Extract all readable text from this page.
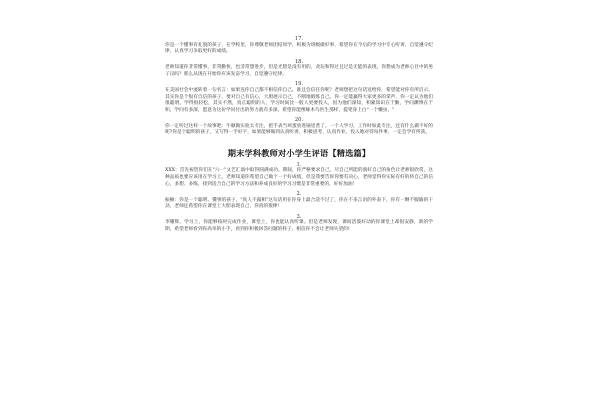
17.
你是一个懂事有礼貌的孩子，在学校里，你尊敬老师团结同学，积极为班级做好事，希望你在今后的学习中专心听讲，自觉遵守纪律，认真学习争取更好的成绩。
18.
老师知道你非常懂事，非常勤快，也非常想进步，但是光想是没有用的，贪玩和得过且过是无能的表现，你想成为老师心目中的男子汉吗？那么从现在开始你应该发奋学习，自觉遵守纪律。
19.
在美国社会中流转着一句名言：如果连你自己都不相信你自己，谁还会信任你呢？老师想把这句话送给你，希望能对你有所启示。其实你是个很有自信的孩子，要对自己有信心，大胆展示自己，不断地锻炼自己。你一定能赢得大家更多的掌声，你一定认为他们很聪明，学得很轻松，其实不然，真正聪明的人，学习时间比一般人更要投入，因为他们深知，积累知识在于勤，学问渊博在于积，学问有多深，愿意为这份学问付出的努力就有多深。希望你能像啄木鸟医生那样，提笔身上白"一个懒虫。"
20.
你一定听过这样一个故事吧：牛顿做实验太专注，把手表当鸡蛋放进锅里煮了。一个人学习，工作时如此专注，还有什么做不好的呢?你是个聪明的孩子，又写得一手好字，如果能够做到认真听讲，积极思考，认真作业，投入地对待每件事，一定会学有所获。
期末学科教师对小学生评语【精选篇】
1.
XXX：首先祝贺你们在"六一"文艺汇演中取得圆满成功。期间，你严格要求自己，尽自己所能的演好自己的角色让老师很欣赏，这种品质也要应该用在学习上。老师知道你希望自己做个一个好成绩，但是我要告诉你要有决心，老师觉得你实际有好的将自己的信心，多想、多练，找到适合自己的学习方法和养成良好的学习习惯是非常重要的，好好加油！
2.
振楠：你是一个聪明、懂事的孩子，"真人不露相"这句话用在你身上最合适不过了，你在不多言语的外表下，你有一颗不服输的干劲，老师还希望你在课堂上大胆表现自己，你真的很棒！
3.
李耀辉，学习上，你能够按时完成作业，课堂上，你也能认真听课。但是老师发现，课间活泼好动的你课堂上却很安静，新的学期，希望老师看到你高举的小手，看到你积极回答问题的样子，相信你不会让老师失望的!
